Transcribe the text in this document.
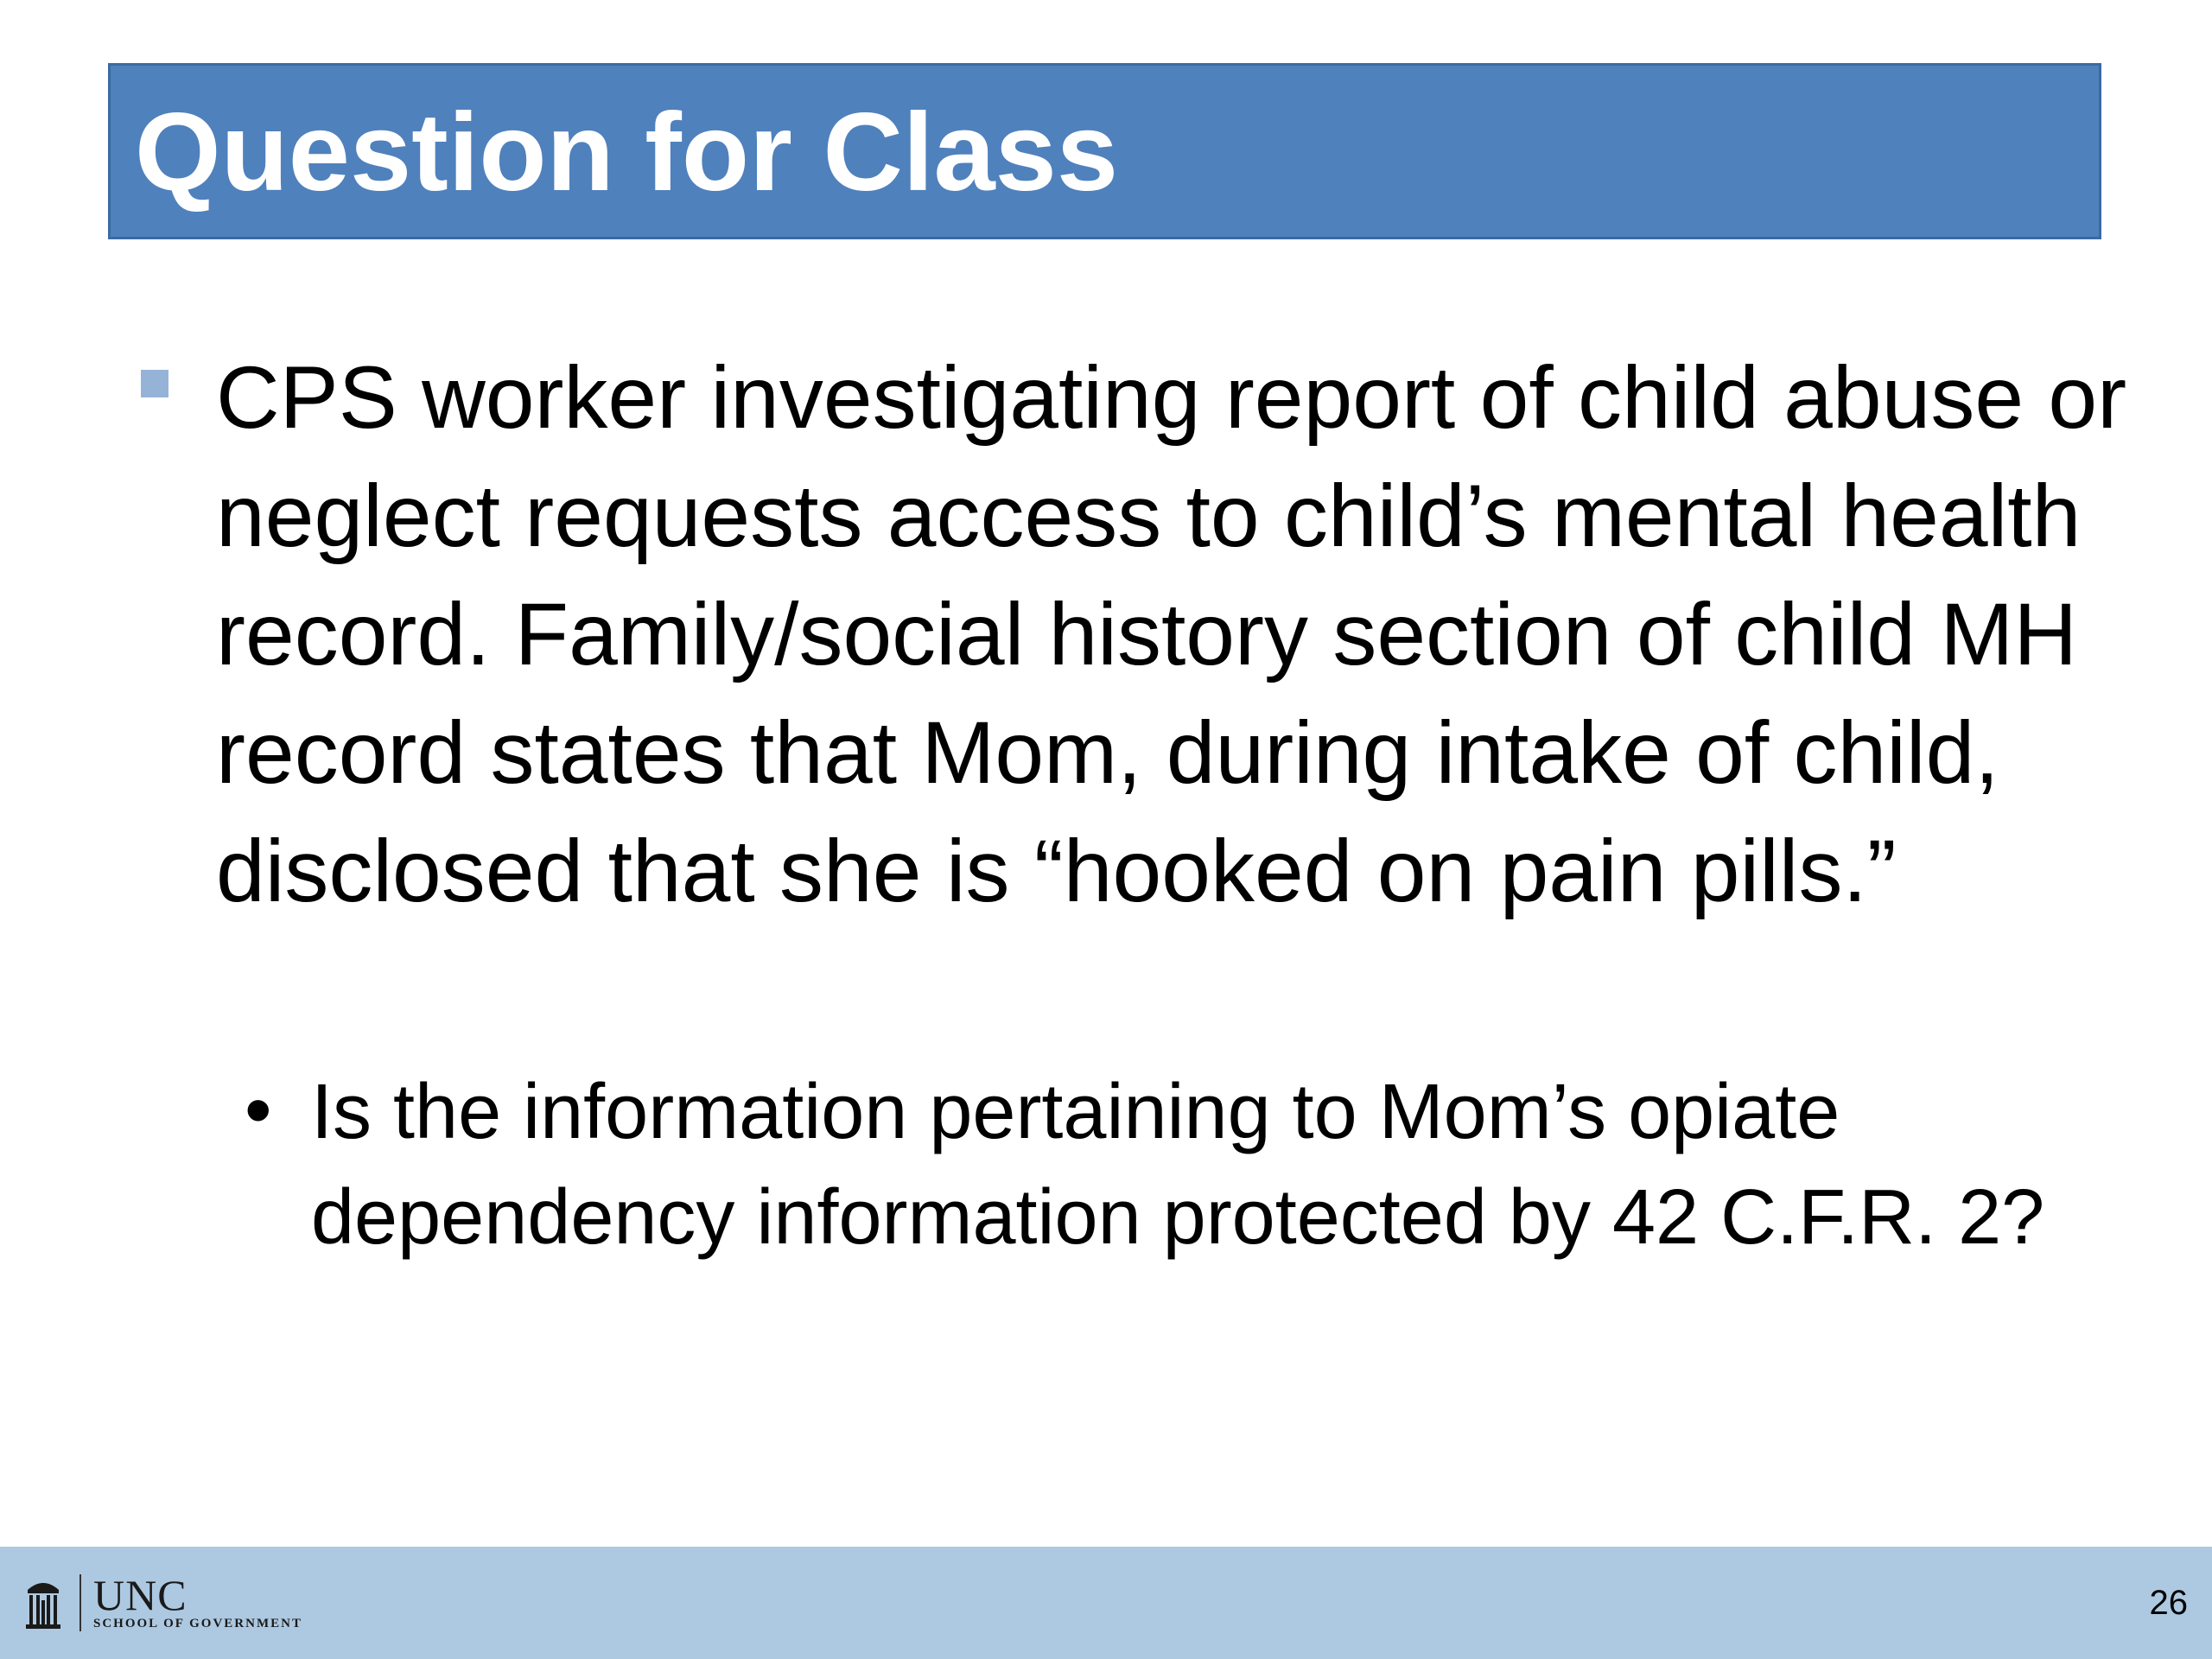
Question for Class
CPS worker investigating report of child abuse or neglect requests access to child’s mental health record. Family/social history section of child MH record states that Mom, during intake of child, disclosed that she is “hooked on pain pills.”
• Is the information pertaining to Mom’s opiate dependency information protected by 42 C.F.R. 2?
UNC
SCHOOL OF GOVERNMENT
26
